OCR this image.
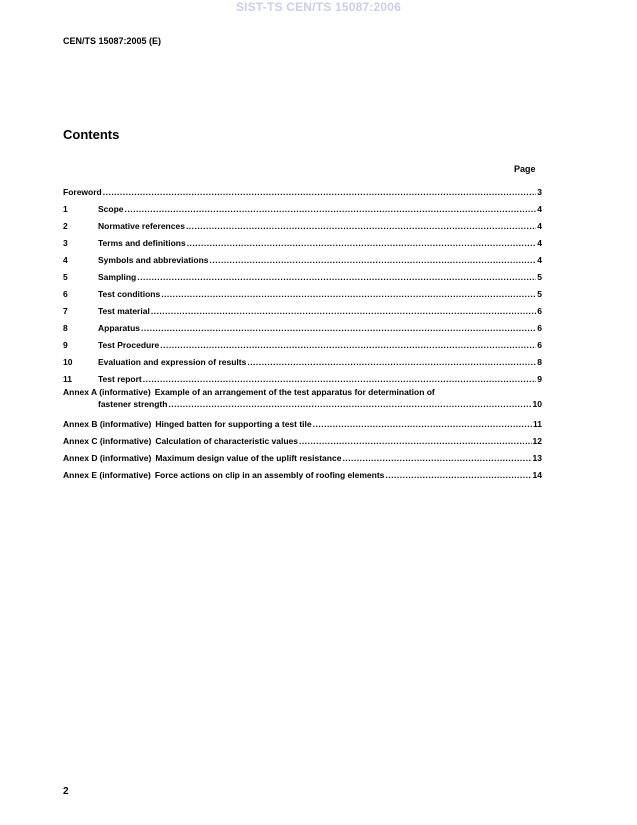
SIST-TS CEN/TS 15087:2006
CEN/TS 15087:2005 (E)
Contents
Page
Foreword .....	3
1	Scope .....	4
2	Normative references .....	4
3	Terms and definitions .....	4
4	Symbols and abbreviations .....	4
5	Sampling .....	5
6	Test conditions .....	5
7	Test material .....	6
8	Apparatus .....	6
9	Test Procedure .....	6
10	Evaluation and expression of results .....	8
11	Test report .....	9
Annex A (informative) Example of an arrangement of the test apparatus for determination of
fastener strength .....	10
Annex B (informative) Hinged batten for supporting a test tile .....	11
Annex C (informative) Calculation of characteristic values .....	12
Annex D (informative) Maximum design value of the uplift resistance .....	13
Annex E (informative) Force actions on clip in an assembly of roofing elements .....	14
2
